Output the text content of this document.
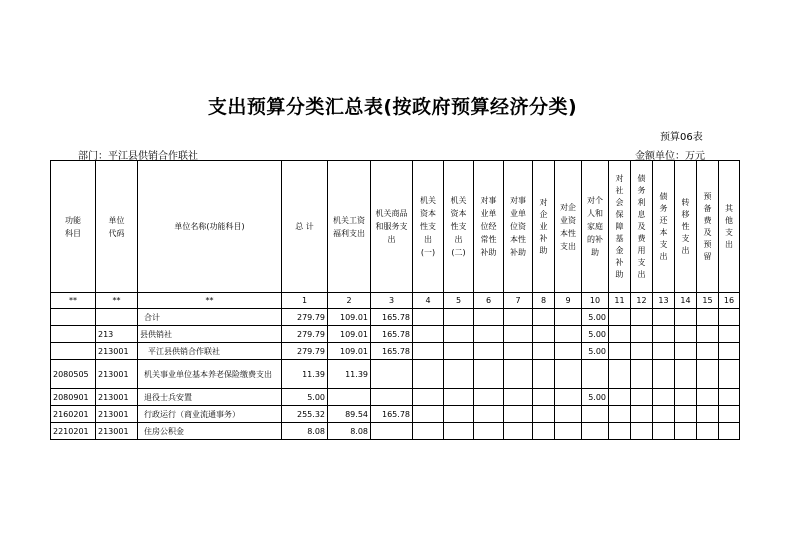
支出预算分类汇总表(按政府预算经济分类)
预算06表
部门：平江县供销合作联社	金额单位：万元
功能科目	单位代码	单位名称(功能科目)	总 计	机关工资福利支出	机关商品和服务支出	机关资本性支出(一)	机关资本性支出(二)	对事业单位经常性补助	对事业单位资本性补助	对企业补助	对企业资本性支出	对个人和家庭的补助	对社会保障基金补助	债务利息及费用支出	债务还本支出	转移性支出	预备费及预留	其他支出
**	**	**	1	2	3	4	5	6	7	8	9	10	11	12	13	14	15	16
		合计	279.79	109.01	165.78							5.00						
	213	县供销社	279.79	109.01	165.78							5.00						
	213001	平江县供销合作联社	279.79	109.01	165.78							5.00						
2080505	213001	机关事业单位基本养老保险缴费支出	11.39	11.39														
2080901	213001	退役士兵安置	5.00									5.00						
2160201	213001	行政运行（商业流通事务）	255.32	89.54	165.78													
2210201	213001	住房公积金	8.08	8.08														
